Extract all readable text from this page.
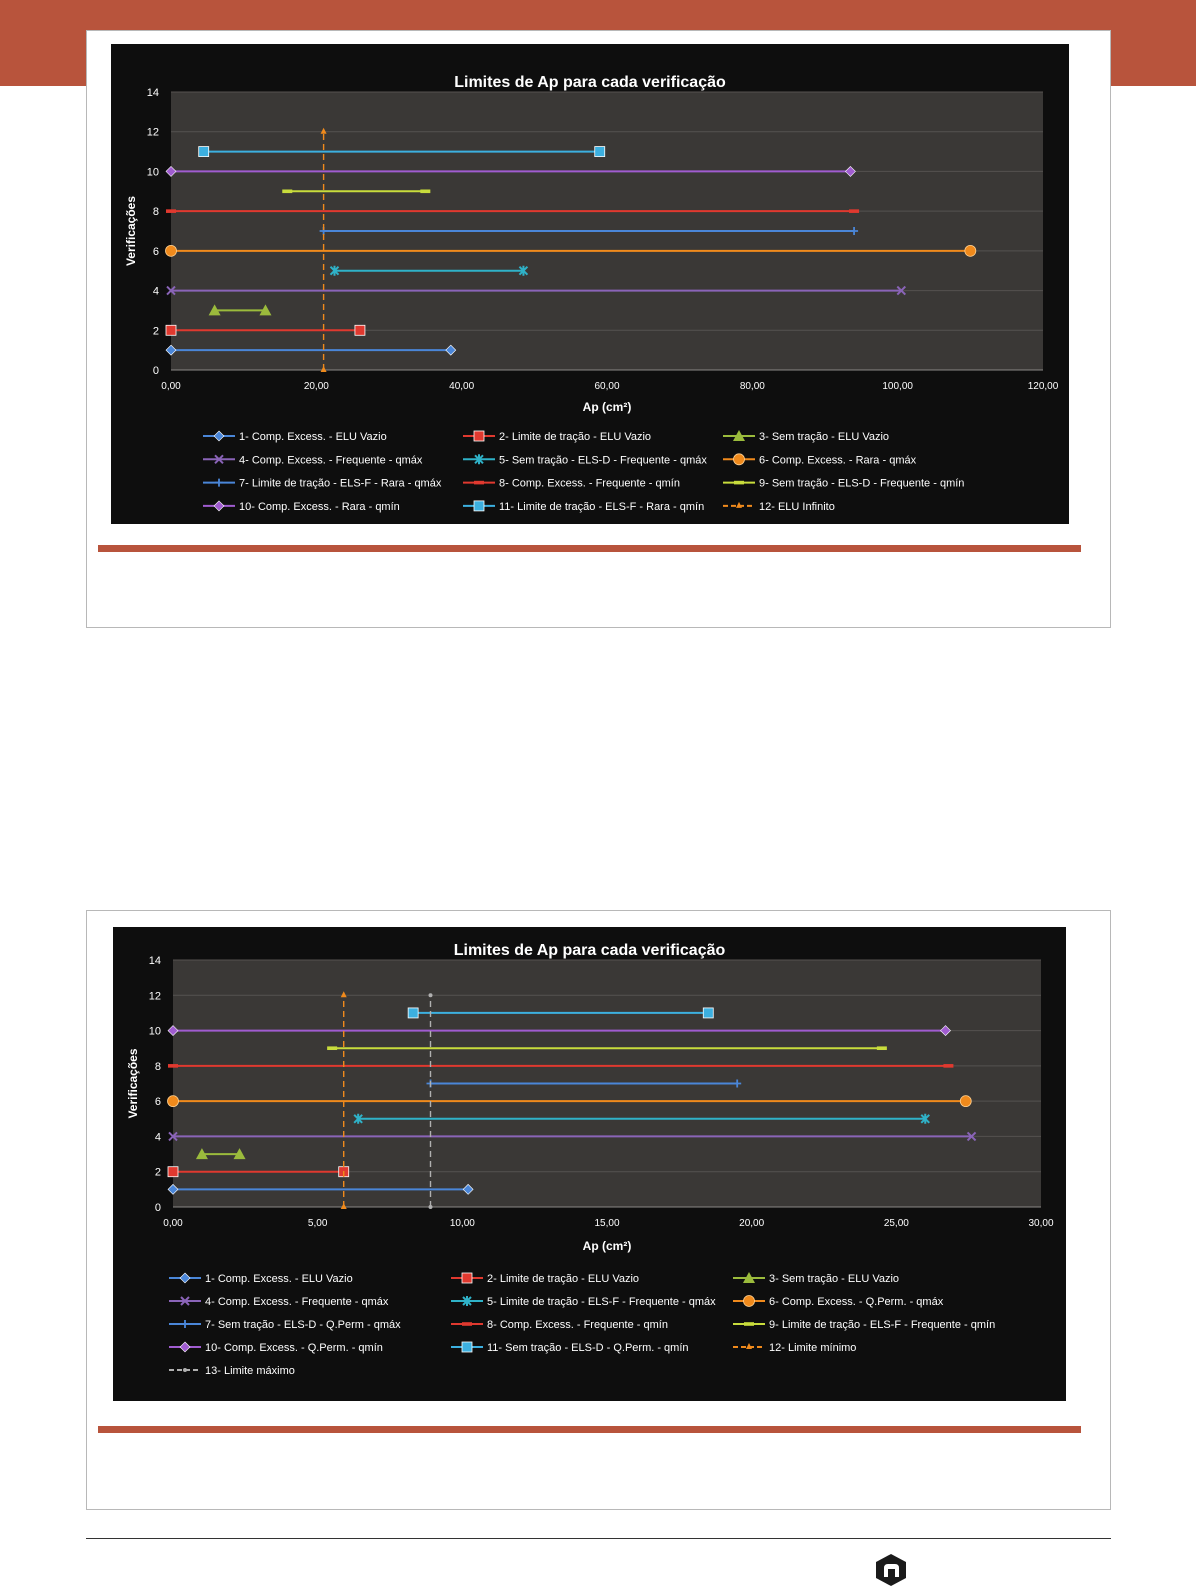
Limites de Ap para cada verificação
0
2
4
6
8
10
12
14
0,00	20,00	40,00	60,00	80,00	100,00	120,00
Ap (cm²)
Verificações
1- Comp. Excess. - ELU Vazio	2- Limite de tração - ELU Vazio	3- Sem tração - ELU Vazio
4- Comp. Excess. - Frequente - qmáx	5- Sem tração - ELS-D - Frequente - qmáx	6- Comp. Excess. - Rara - qmáx
7- Limite de tração - ELS-F - Rara - qmáx	8- Comp. Excess. - Frequente - qmín	9- Sem tração - ELS-D - Frequente - qmín
10- Comp. Excess. - Rara - qmín	11- Limite de tração - ELS-F - Rara - qmín	12- ELU Infinito
Limites de Ap para cada verificação
0
2
4
6
8
10
12
14
0,00	5,00	10,00	15,00	20,00	25,00	30,00
Ap (cm²)
Verificações
1- Comp. Excess. - ELU Vazio	2- Limite de tração - ELU Vazio	3- Sem tração - ELU Vazio
4- Comp. Excess. - Frequente - qmáx	5- Limite de tração - ELS-F - Frequente - qmáx	6- Comp. Excess. - Q.Perm. - qmáx
7- Sem tração - ELS-D - Q.Perm - qmáx	8- Comp. Excess. - Frequente - qmín	9- Limite de tração - ELS-F - Frequente - qmín
10- Comp. Excess. - Q.Perm. - qmín	11- Sem tração - ELS-D - Q.Perm. - qmín	12- Limite mínimo
13- Limite máximo
